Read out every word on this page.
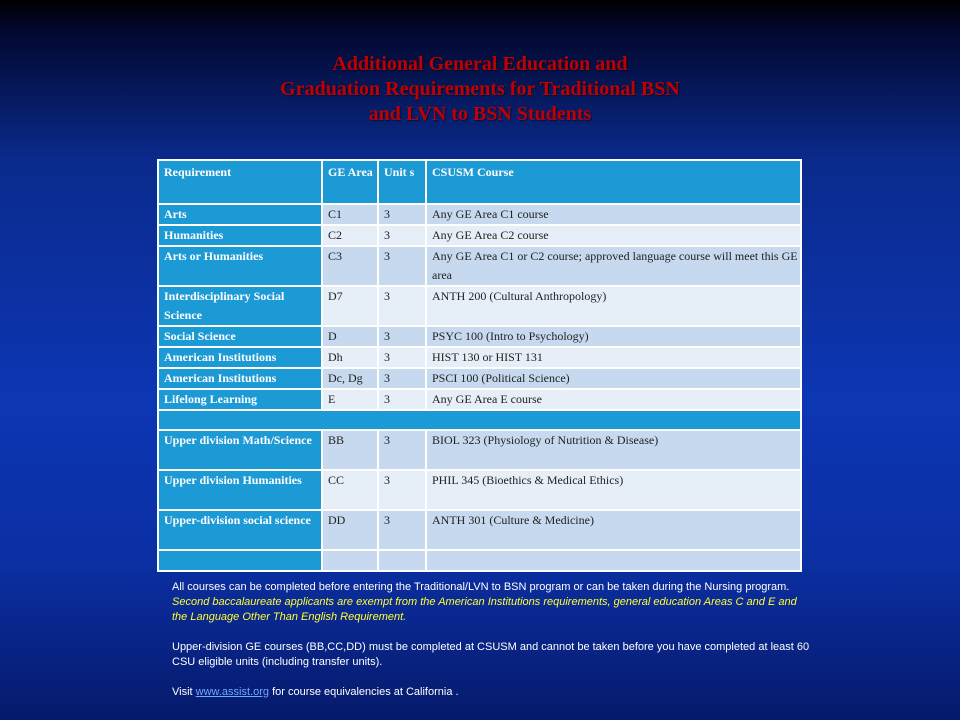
Additional General Education and
Graduation Requirements for Traditional BSN
and LVN to BSN Students
Requirement	GE Area	Unit s	CSUSM Course
Arts	C1	3	Any GE Area C1 course
Humanities	C2	3	Any GE Area C2 course
Arts or Humanities	C3	3	Any GE Area C1 or C2 course; approved language course will meet this GE area
Interdisciplinary Social Science	D7	3	ANTH 200 (Cultural Anthropology)
Social Science	D	3	PSYC 100 (Intro to Psychology)
American Institutions	Dh	3	HIST 130 or HIST 131
American Institutions	Dc, Dg	3	PSCI 100 (Political Science)
Lifelong Learning	E	3	Any GE Area E course

Upper division Math/Science	BB	3	BIOL 323 (Physiology of Nutrition & Disease)
Upper division Humanities	CC	3	PHIL 345 (Bioethics & Medical Ethics)
Upper-division social science	DD	3	ANTH 301 (Culture & Medicine)

All courses can be completed before entering the Traditional/LVN to BSN program or can be taken during the Nursing program. Second baccalaureate applicants are exempt from the American Institutions requirements, general education Areas C and E and the Language Other Than English Requirement.

Upper-division GE courses (BB,CC,DD) must be completed at CSUSM and cannot be taken before you have completed at least 60 CSU eligible units (including transfer units).

Visit www.assist.org for course equivalencies at California .
